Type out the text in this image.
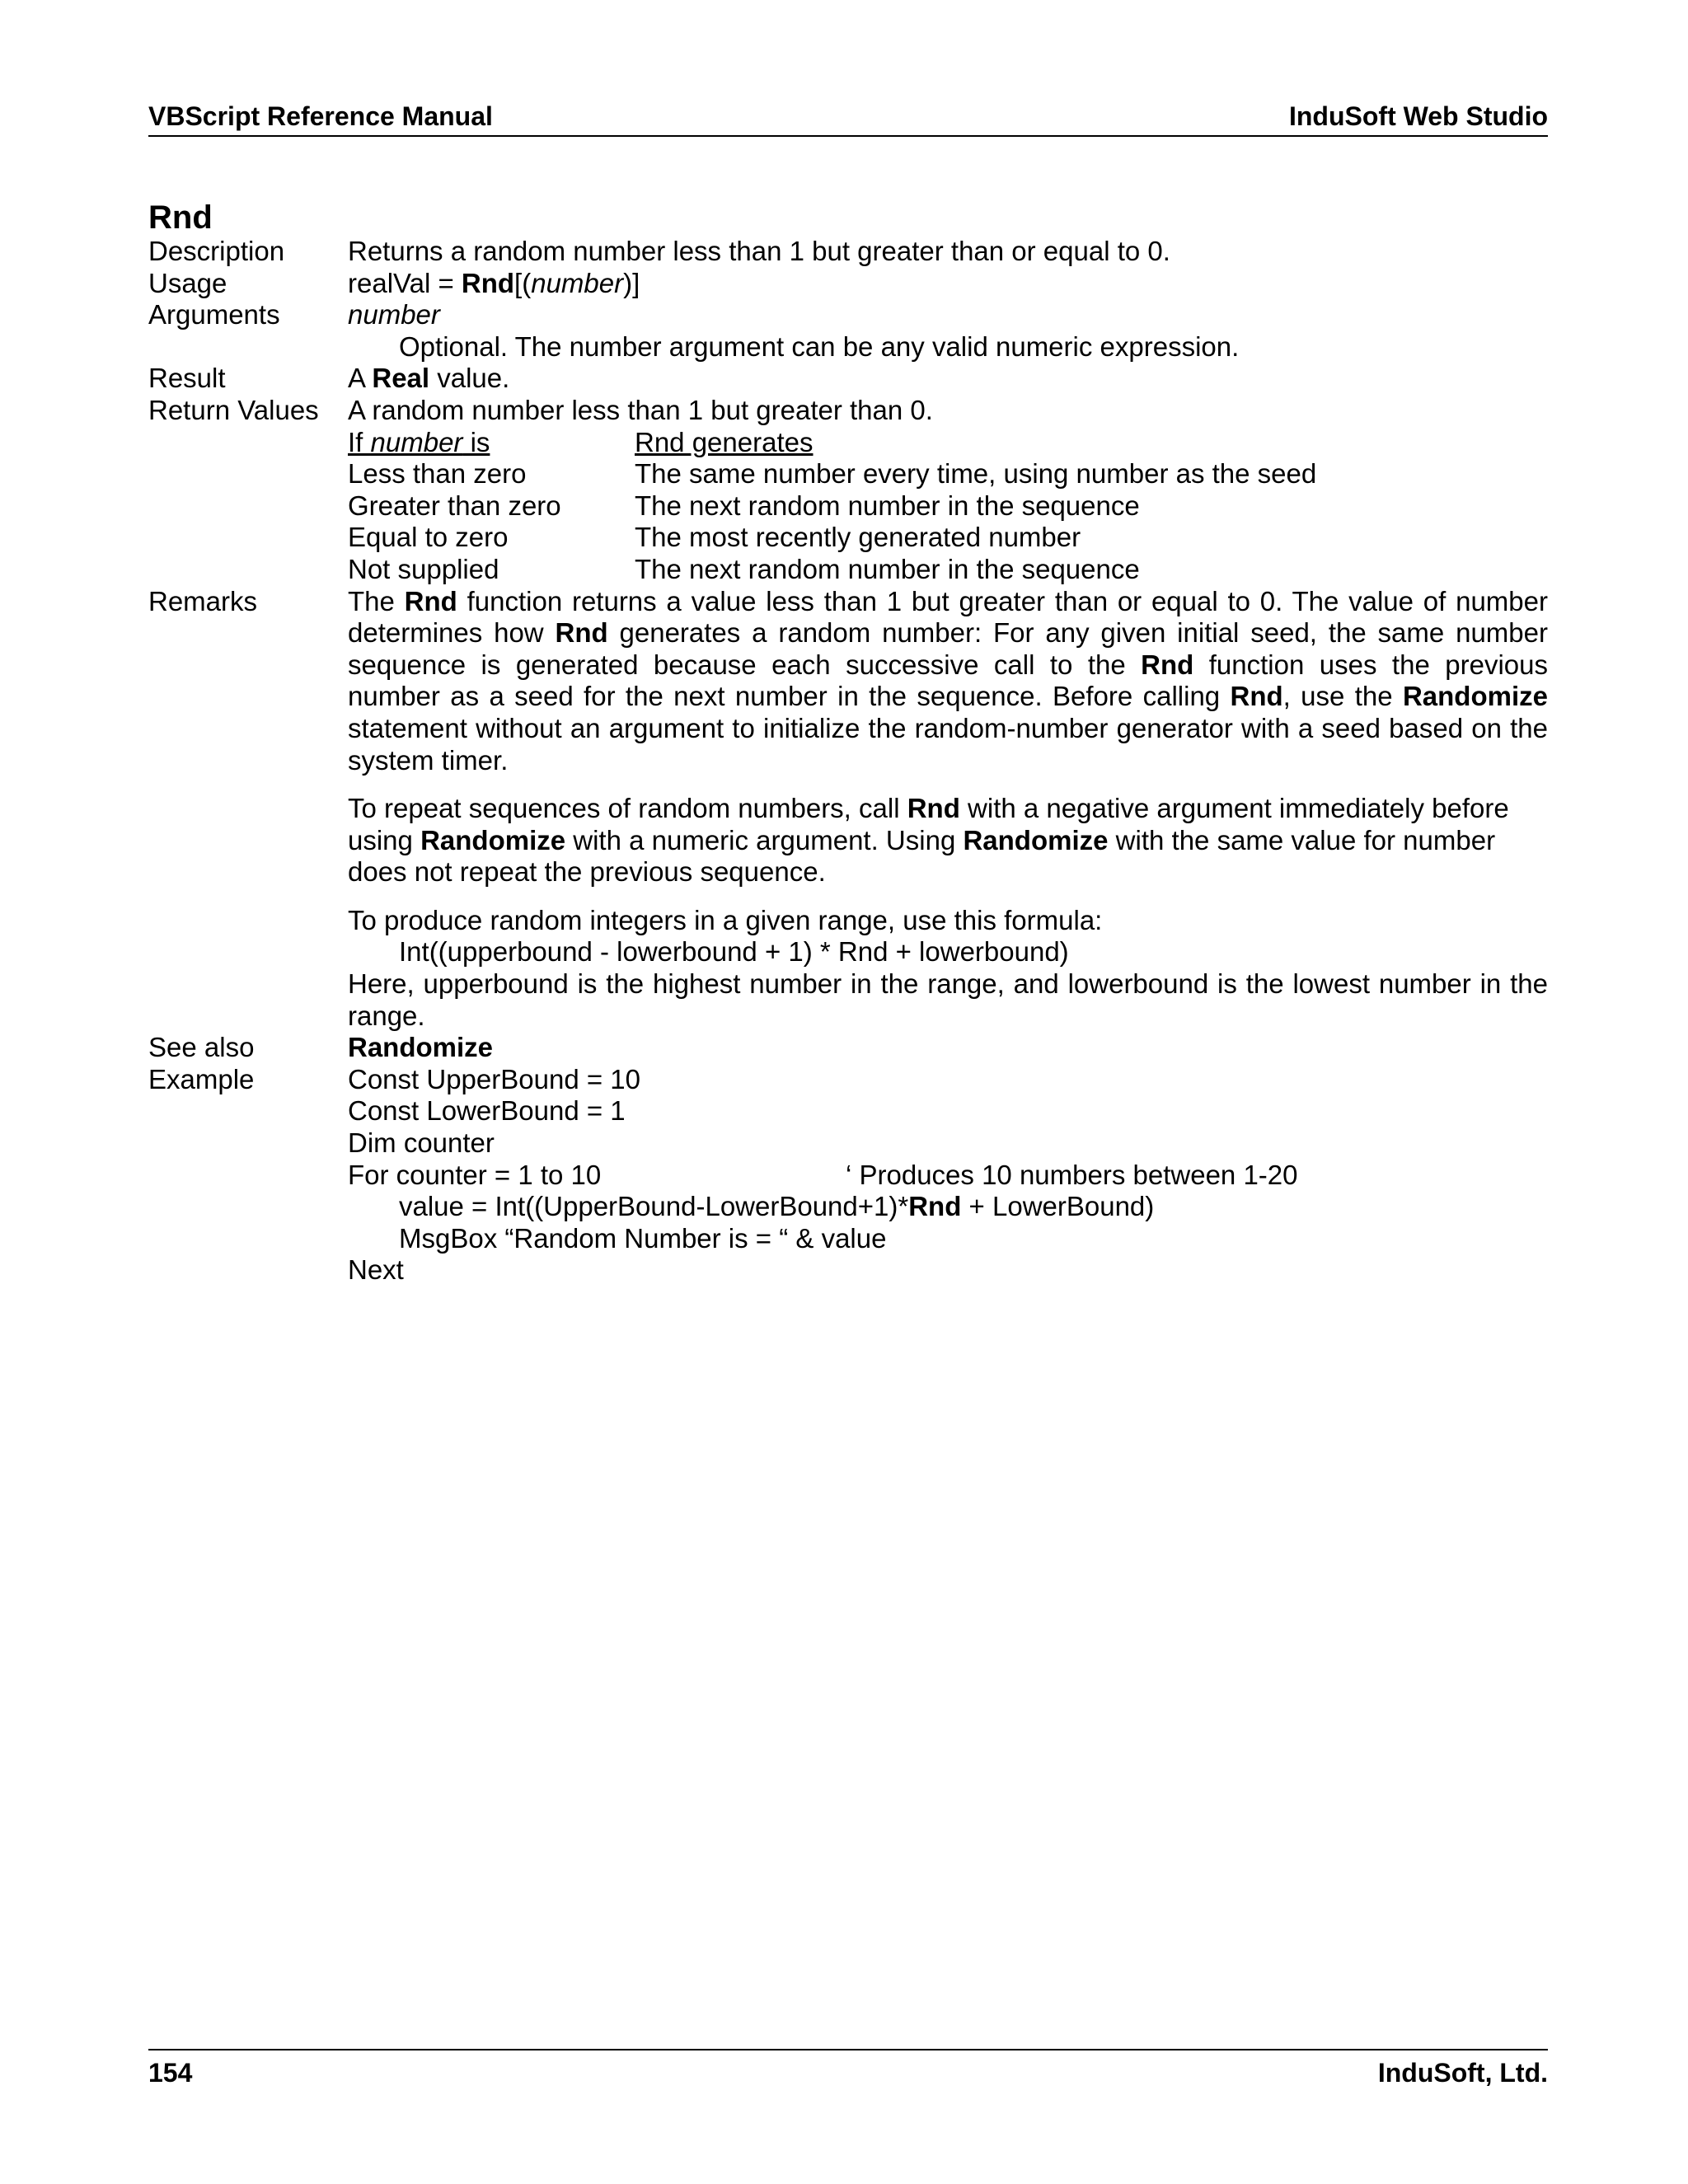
VBScript Reference Manual	InduSoft Web Studio
Rnd
Description	Returns a random number less than 1 but greater than or equal to 0.
Usage	realVal = Rnd[(number)]
Arguments	number
Optional. The number argument can be any valid numeric expression.
Result	A Real value.
Return Values	A random number less than 1 but greater than 0.
If number is	Rnd generates
Less than zero	The same number every time, using number as the seed
Greater than zero	The next random number in the sequence
Equal to zero	The most recently generated number
Not supplied	The next random number in the sequence
Remarks	The Rnd function returns a value less than 1 but greater than or equal to 0. The value of number determines how Rnd generates a random number: For any given initial seed, the same number sequence is generated because each successive call to the Rnd function uses the previous number as a seed for the next number in the sequence. Before calling Rnd, use the Randomize statement without an argument to initialize the random-number generator with a seed based on the system timer.
To repeat sequences of random numbers, call Rnd with a negative argument immediately before using Randomize with a numeric argument. Using Randomize with the same value for number does not repeat the previous sequence.
To produce random integers in a given range, use this formula:
Int((upperbound - lowerbound + 1) * Rnd + lowerbound)
Here, upperbound is the highest number in the range, and lowerbound is the lowest number in the range.
See also	Randomize
Example	Const UpperBound = 10
Const LowerBound = 1
Dim counter
For counter = 1 to 10	‘ Produces 10 numbers between 1-20
value = Int((UpperBound-LowerBound+1)*Rnd + LowerBound)
MsgBox “Random Number is = “ & value
Next
154	InduSoft, Ltd.
